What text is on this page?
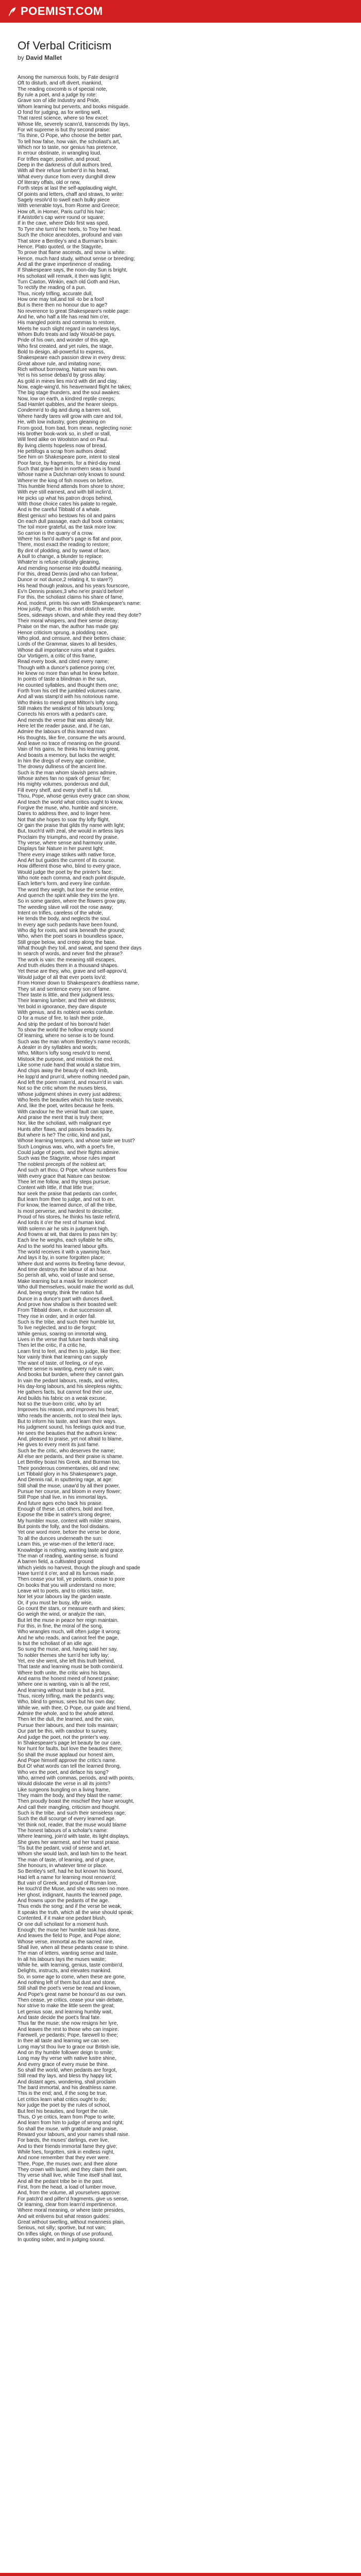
POEMIST.COM
Of Verbal Criticism

by David Mallet

Among the numerous fools, by Fate design'd
Oft to disturb, and oft divert, mankind,
The reading coxcomb is of special note,
By rule a poet, and a judge by rote:
Grave son of idle Industry and Pride,
Whom learning but perverts, and books misguide.
O fond for judging, as for writing well,
That rarest science, where so few excel;
Whose life, severely scann'd, transcends thy lays,
For wit supreme is but thy second praise:
'Tis thine, O Pope, who choose the better part,
To tell how false, how vain, the scholiast's art,
Which nor to taste, nor genius has pretence,
In errour obstinate, in wrangling loud,
For trifles eager, positive, and proud;
Deep in the darkness of dull authors bred,
With all their refuse lumber'd in his head,
What every dunce from every dunghill drew
Of literary offals, old or new,
Forth steps at last the self-applauding wight,
Of points and letters, chaff and straws, to write:
Sagely resolv'd to swell each bulky piece
With venerable toys, from Rome and Greece;
How oft, in Homer, Paris curl'd his hair;
If Aristotle's cap were round or square;
If in the cave, where Dido first was sped,
To Tyre she turn'd her heels, to Troy her head.
Such the choice anecdotes, profound and vain
That store a Bentley's and a Burman's brain:
Hence, Plato quoted, or the Stagyrite,
To prove that flame ascends, and snow is white:
Hence, much hard study, without sense or breeding;
And all the grave impertinence of reading.
If Shakespeare says, the noon-day Sun is bright,
His scholiast will remark, it then was light;
Turn Caxton, Winkin, each old Goth and Hun,
To rectify the reading of a pun.
Thus, nicely trifling, accurate dull,
How one may toil,and toil -to be a fool!
But is there then no honour due to age?
No reverence to great Shakespeare's noble page:
And he, who half a life has read him o'er,
His mangled points and commas to restore,
Meets he such slight regard in nameless lays,
Whom Bufo treats and lady Would-be pays.
Pride of his own, and wonder of this age,
Who first created, and yet rules, the stage,
Bold to design, all-powerful to express,
Shakespeare each passion drew in every dress:
Great above rule, and imitating none;
Rich without borrowing, Nature was his own.
Yet is his sense debas'd by gross allay:
As gold in mines lies mix'd with dirt and clay.
Now, eagle-wing'd, his heavenward flight he takes;
The big stage thunders, and the soul awakes:
Now, low on earth, a kindred reptile creeps;
Sad Hamlet quibbles, and the hearer sleeps.
Condemn'd to dig and dung a barren soil,
Where hardly tares will grow with care and toil,
He, with low industry, goes gleaning on
From good, from bad, from mean, neglecting none:
His brother book-work so, in shelf or stall,
Will feed alike on Woolston and on Paul.
By living clients hopeless now of bread,
He pettifogs a scrap from authors dead:
See him on Shakespeare pore, intent to steal
Poor farce, by fragments, for a third-day meal.
Such that grave bird in northern seas is found
Whose name a Dutchman only knows to sound:
Where'er the king of fish moves on before,
This humble friend attends from shore to shore;
With eye still earnest, and with bill inclin'd,
He picks up what his patron drops behind,
With those choice cates his palate to regale,
And is the careful Tibbald of a whale.
Blest genius! who bestows his oil and pains
On each dull passage, each dull book contains;
The toil more grateful, as the task more low:
So carrion is the quarry of a crow.
Where his fam'd author's page is flat and poor,
There, most exact the reading to restore;
By dint of plodding, and by sweat of face,
A bull to change, a blunder to replace:
Whate'er is refuse critically gleaning,
And mending nonsense into doubtful meaning.
For this, dread Dennis (and who can forbear,
Dunce or not dunce,2 relating it, to stare?)
His head though jealous, and his years fourscore,
Ev'n Dennis praises,3 who ne'er prais'd before!
For this, the scholiast claims his share of fame,
And, modest, prints his own with Shakespeare's name:
How justly, Pope, in this short distich wrote,
Sees, sideways shown, and while they read they dote?
Their moral whispers, and their sense decay;
Praise on the man, the author has made gay.
Hence criticism sprung, a plodding race,
Who plod, and censure, and their betters chase;
Lords of the Grammar, slaves to all besides,
Whose dull importance ruins what it guides.
Our Vortigern, a critic of this frame,
Read every book, and cited every name;
Though with a dunce's patience poring o'er,
He knew no more than what he knew before.
In points of taste a blindman in the sun,
He counted syllables, and thought them one;
Forth from his cell the jumbled volumes came,
And all was stamp'd with his notorious name.
Who thinks to mend great Milton's lofty song,
Still makes the weakest of his labours long;
Corrects his errors with a pedant's care,
And mends the verse that was already fair.
Here let the reader pause, and, if he can,
Admire the labours of this learned man:
His thoughts, like fire, consume the wits around,
And leave no trace of meaning on the ground.
Vain of his gains, he thinks his learning great,
And boasts a memory, but lacks the weight;
In him the dregs of every age combine,
The drowsy dullness of the ancient line.
Such is the man whom slavish pens admire,
Whose ashes fan no spark of genius' fire;
His mighty volumes, ponderous and dull,
Fill every shelf, and every shelf is full.
Thou, Pope, whose genius every grace can show,
And teach the world what critics ought to know,
Forgive the muse, who, humble and sincere,
Dares to address thee, and to linger here.
Not that she hopes to soar thy lofty flight,
Or gain the praise that gilds thy name with light;
But, touch'd with zeal, she would in artless lays
Proclaim thy triumphs, and record thy praise.
Thy verse, where sense and harmony unite,
Displays fair Nature in her purest light;
There every image strikes with native force,
And Art but guides the current of its course.
How different those who, blind to every grace,
Would judge the poet by the printer's face;
Who note each comma, and each point dispute,
Each letter's form, and every line confute.
The word they weigh, but lose the sense entire,
And quench the spirit while they trim the lyre.
So in some garden, where the flowers grow gay,
The weeding slave will root the rose away;
Intent on trifles, careless of the whole,
He tends the body, and neglects the soul.
In every age such pedants have been found,
Who dig for roots, and sink beneath the ground;
Who, when the poet soars in boundless space,
Still grope below, and creep along the base.
What though they toil, and sweat, and spend their days
In search of words, and never find the phrase?
The work is vain: the meaning still escapes,
And truth eludes them in a thousand shapes.
Yet these are they, who, grave and self-approv'd,
Would judge of all that ever poets lov'd:
From Homer down to Shakespeare's deathless name,
They sit and sentence every son of fame.
Their taste is little, and their judgment less,
Their learning lumber, and their wit distress;
Yet bold in ignorance, they dare dispute
With genius, and its noblest works confute.
O for a muse of fire, to lash their pride,
And strip the pedant of his borrow'd hide!
To show the world the hollow empty sound
Of learning, where no sense is to be found.
Such was the man whom Bentley's name records,
A dealer in dry syllables and words;
Who, Milton's lofty song resolv'd to mend,
Mistook the purpose, and mistook the end.
Like some rude hand that would a statue trim,
And chips away the beauty of each limb,
He lopp'd and prun'd, where nothing needed pain,
And left the poem maim'd, and mourn'd in vain.
Not so the critic whom the muses bless,
Whose judgment shines in every just address;
Who feels the beauties which his taste reveals,
And, like the poet, writes because he feels.
With candour he the venial fault can spare,
And praise the merit that is truly there;
Nor, like the scholiast, with malignant eye
Hunts after flaws, and passes beauties by.
But where is he? The critic, kind and just,
Whose learning tempers, and whose taste we trust?
Such Longinus was, who, with a poet's fire,
Could judge of poets, and their flights admire.
Such was the Stagyrite, whose rules impart
The noblest precepts of the noblest art;
And such art thou, O Pope, whose numbers flow
With every grace that Nature can bestow.
Thee let me follow, and thy steps pursue,
Content with little, if that little true;
Nor seek the praise that pedants can confer,
But learn from thee to judge, and not to err.
For know, the learned dunce, of all the tribe,
Is most perverse, and hardest to describe;
Proud of his stores, he thinks his taste refin'd,
And lords it o'er the rest of human kind.
With solemn air he sits in judgment high,
And frowns at wit, that dares to pass him by;
Each line he weighs, each syllable he sifts,
And to the world his learned labour gifts.
The world receives it with a yawning face,
And lays it by, in some forgotten place;
Where dust and worms its fleeting fame devour,
And time destroys the labour of an hour.
So perish all, who, void of taste and sense,
Make learning but a mask for insolence!
Who dull themselves, would make the world as dull,
And, being empty, think the nation full.
Dunce in a dunce's part with dunces dwell,
And prove how shallow is their boasted well:
From Tibbald down, in due succession all,
They rise in order, and in order fall.
Such is the tribe, and such their humble lot,
To live neglected, and to die forgot;
While genius, soaring on immortal wing,
Lives in the verse that future bards shall sing.
Then let the critic, if a critic he,
Learn first to feel, and then to judge, like thee;
Nor vainly think that learning can supply
The want of taste, of feeling, or of eye.
Where sense is wanting, every rule is vain;
And books but burden, where they cannot gain.
In vain the pedant labours, reads, and writes,
His day-long labours, and his sleepless nights;
He gathers facts, but cannot find their use,
And builds his fabric on a weak excuse.
Not so the true-born critic, who by art
Improves his reason, and improves his heart;
Who reads the ancients, not to steal their lays,
But to inform his taste, and learn their ways.
His judgment sound, his feelings quick and true,
He sees the beauties that the authors knew;
And, pleased to praise, yet not afraid to blame,
He gives to every merit its just fame.
Such be the critic, who deserves the name;
All else are pedants, and their praise is shame.
Let Bentley boast his Greek, and Burman too,
Their ponderous commentaries, old and new;
Let Tibbald glory in his Shakespeare's page,
And Dennis rail, in sputtering rage, at age:
Still shall the muse, unaw'd by all their power,
Pursue her course, and bloom in every flower;
Still Pope shall live, in his immortal lays,
And future ages echo back his praise.
Enough of these. Let others, bold and free,
Expose the tribe in satire's strong degree;
My humbler muse, content with milder strains,
But points the folly, and the fool disdains.
Yet one word more, before the verse be done,
To all the dunces underneath the sun:
Learn this, ye wise-men of the letter'd race,
Knowledge is nothing, wanting taste and grace.
The man of reading, wanting sense, is found
A barren field, a cultivated ground
Which yields no harvest, though the plough and spade
Have turn'd it o'er, and all its furrows made.
Then cease your toil, ye pedants, cease to pore
On books that you will understand no more;
Leave wit to poets, and to critics taste,
Nor let your labours lay the garden waste.
Or, if you must be busy, idly wise,
Go count the stars, or measure earth and skies;
Go weigh the wind, or analyze the rain,
But let the muse in peace her reign maintain.
For this, in fine, the moral of the song,
Who wrangles much, will often judge it wrong;
And he who reads, and cannot feel the page,
Is but the scholiast of an idle age.
So sung the muse, and, having said her say,
To nobler themes she turn'd her lofty lay;
Yet, ere she went, she left this truth behind,
That taste and learning must be both combin'd.
Where both unite, the critic wins his bays,
And earns the honest meed of honest praise;
Where one is wanting, vain is all the rest,
And learning without taste is but a jest.
Thus, nicely trifling, mark the pedant's way,
Who, blind to genius, sees but his own day;
While we, with thee, O Pope, our guide and friend,
Admire the whole, and to the whole attend.
Then let the dull, the learned, and the vain,
Pursue their labours, and their toils maintain;
Our part be this, with candour to survey,
And judge the poet, not the printer's way.
In Shakespeare's page let beauty be our care,
Nor hunt for faults, but love the beauties there;
So shall the muse applaud our honest aim,
And Pope himself approve the critic's name.
But O! what words can tell the learned throng,
Who vex the poet, and deface his song?
Who, armed with commas, periods, and with points,
Would dislocate the verse in all its joints?
Like surgeons bungling on a living frame,
They maim the body, and they blast the name;
Then proudly boast the mischief they have wrought,
And call their mangling, criticism and thought.
Such is the tribe, and such their senseless rage;
Such the dull scourge of every learned age.
Yet think not, reader, that the muse would blame
The honest labours of a scholar's name:
Where learning, join'd with taste, its light displays,
She gives her warmest, and her truest praise.
'Tis but the pedant, void of sense and art,
Whom she would lash, and lash him to the heart.
The man of taste, of learning, and of grace,
She honours, in whatever time or place.
So Bentley's self, had he but known his bound,
Had left a name for learning most renown'd;
But vain of Greek, and proud of Roman lore,
He touch'd the Muse, and she was seen no more.
Her ghost, indignant, haunts the learned page,
And frowns upon the pedants of the age.
Thus ends the song; and if the verse be weak,
It speaks the truth, which all the wise should speak;
Contented, if it make one pedant blush,
Or one dull scholiast for a moment hush.
Enough; the muse her humble task has done,
And leaves the field to Pope, and Pope alone;
Whose verse, immortal as the sacred nine,
Shall live, when all these pedants cease to shine.
The man of letters, wanting sense and taste,
In all his labours lays the muses waste;
While he, with learning, genius, taste combin'd,
Delights, instructs, and elevates mankind.
So, in some age to come, when these are gone,
And nothing left of them but dust and stone,
Still shall the poet's verse be read and known,
And Pope's great name be honour'd as our own.
Then cease, ye critics, cease your vain debate,
Nor strive to make the little seem the great;
Let genius soar, and learning humbly wait,
And taste decide the poet's final fate.
Thus far the muse; she now resigns her lyre,
And leaves the rest to those who can inspire.
Farewell, ye pedants; Pope, farewell to thee;
In thee all taste and learning we can see.
Long may'st thou live to grace our British isle,
And on thy humble follower deign to smile;
Long may thy verse with native lustre shine,
And every grace of every muse be thine.
So shall the world, when pedants are forgot,
Still read thy lays, and bless thy happy lot;
And distant ages, wondering, shall proclaim
The bard immortal, and his deathless name.
This is the end; and, if the song be true,
Let critics learn what critics ought to do;
Nor judge the poet by the rules of school,
But feel his beauties, and forget the rule.
Thus, O ye critics, learn from Pope to write,
And learn from him to judge of wrong and right;
So shall the muse, with gratitude and praise,
Reward your labours, and your names shall raise.
For bards, the muses' darlings, ever live,
And to their friends immortal fame they give;
While foes, forgotten, sink in endless night,
And none remember that they ever were.
Thee, Pope, the muses own; and thee alone
They crown with laurel, and they claim their own.
Thy verse shall live, while Time itself shall last,
And all the pedant tribe be in the past.
First, from the head, a load of lumber move,
And, from the volume, all yourselves approve:
For patch'd and pilfer'd fragments, give us sense,
Or learning, clear from learn'd impertinence,
Where moral meaning, or where taste presides,
And wit enlivens but what reason guides:
Great without swelling, without meanness plain,
Serious, not silly; sportive, but not vain;
On trifles slight, on things of use profound,
In quoting sober, and in judging sound.
